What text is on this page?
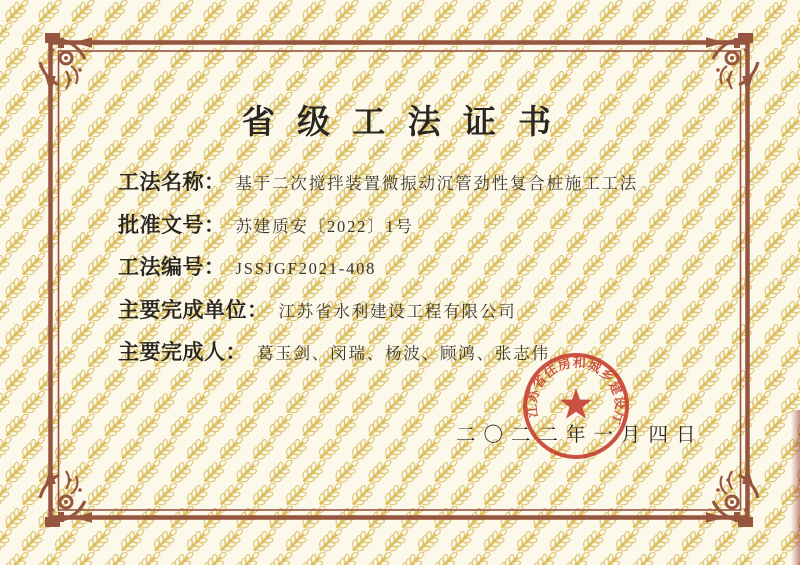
省 级 工 法 证 书
工法名称： 基于二次搅拌装置微振动沉管劲性复合桩施工工法
批准文号： 苏建质安〔2022〕1号
工法编号： JSSJGF2021-408
主要完成单位： 江苏省水利建设工程有限公司
主要完成人： 葛玉剑、闵瑞、杨波、顾鸿、张志伟
二〇二二年一月四日
江苏省住房和城乡建设厅
